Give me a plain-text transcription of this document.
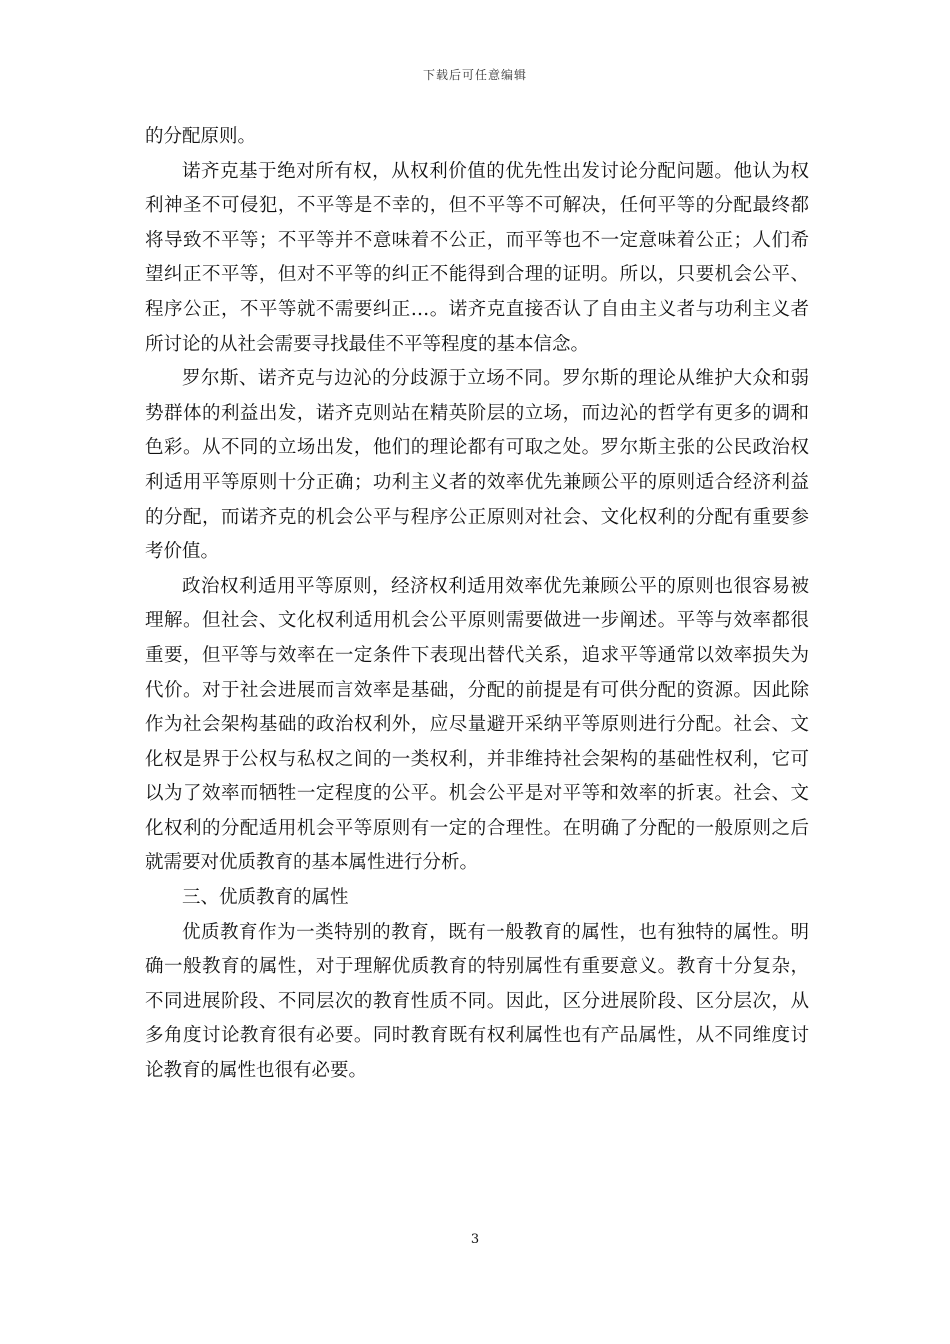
下载后可任意编辑

的分配原则。

诺齐克基于绝对所有权，从权利价值的优先性出发讨论分配问题。他认为权利神圣不可侵犯，不平等是不幸的，但不平等不可解决，任何平等的分配最终都将导致不平等；不平等并不意味着不公正，而平等也不一定意味着公正；人们希望纠正不平等，但对不平等的纠正不能得到合理的证明。所以，只要机会公平、程序公正，不平等就不需要纠正…。诺齐克直接否认了自由主义者与功利主义者所讨论的从社会需要寻找最佳不平等程度的基本信念。

罗尔斯、诺齐克与边沁的分歧源于立场不同。罗尔斯的理论从维护大众和弱势群体的利益出发，诺齐克则站在精英阶层的立场，而边沁的哲学有更多的调和色彩。从不同的立场出发，他们的理论都有可取之处。罗尔斯主张的公民政治权利适用平等原则十分正确；功利主义者的效率优先兼顾公平的原则适合经济利益的分配，而诺齐克的机会公平与程序公正原则对社会、文化权利的分配有重要参考价值。

政治权利适用平等原则，经济权利适用效率优先兼顾公平的原则也很容易被理解。但社会、文化权利适用机会公平原则需要做进一步阐述。平等与效率都很重要，但平等与效率在一定条件下表现出替代关系，追求平等通常以效率损失为代价。对于社会进展而言效率是基础，分配的前提是有可供分配的资源。因此除作为社会架构基础的政治权利外，应尽量避开采纳平等原则进行分配。社会、文化权是界于公权与私权之间的一类权利，并非维持社会架构的基础性权利，它可以为了效率而牺牲一定程度的公平。机会公平是对平等和效率的折衷。社会、文化权利的分配适用机会平等原则有一定的合理性。在明确了分配的一般原则之后就需要对优质教育的基本属性进行分析。

三、优质教育的属性

优质教育作为一类特别的教育，既有一般教育的属性，也有独特的属性。明确一般教育的属性，对于理解优质教育的特别属性有重要意义。教育十分复杂，不同进展阶段、不同层次的教育性质不同。因此，区分进展阶段、区分层次，从多角度讨论教育很有必要。同时教育既有权利属性也有产品属性，从不同维度讨论教育的属性也很有必要。

3
